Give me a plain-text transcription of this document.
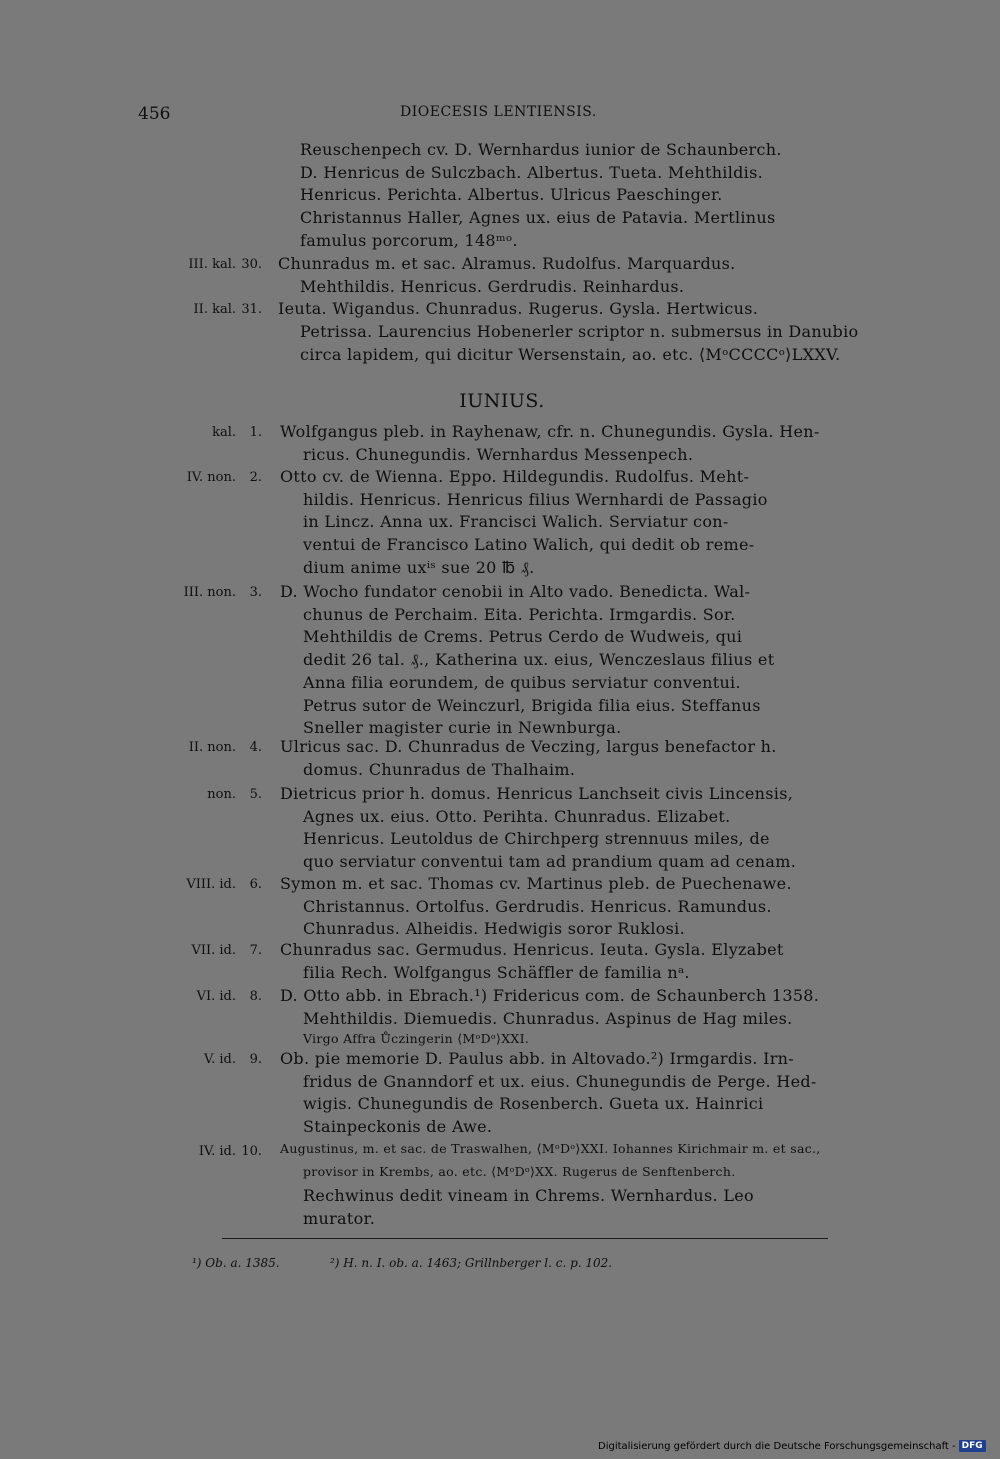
456	DIOECESIS LENTIENSIS.
Reuschenpech cv. D. Wernhardus iunior de Schaunberch.
D. Henricus de Sulczbach. Albertus. Tueta. Mehthildis.
Henricus. Perichta. Albertus. Ulricus Paeschinger.
Christannus Haller, Agnes ux. eius de Patavia. Mertlinus
famulus porcorum, 148ᵐᵒ.
III. kal. 30. Chunradus m. et sac. Alramus. Rudolfus. Marquardus.
Mehthildis. Henricus. Gerdrudis. Reinhardus.
II. kal. 31. Ieuta. Wigandus. Chunradus. Rugerus. Gysla. Hertwicus.
Petrissa. Laurencius Hobenerler scriptor n. submersus in Danubio
circa lapidem, qui dicitur Wersenstain, ao. etc. ⟨MᵒCCCCᵒ⟩LXXV.
kal.	1. Wolfgangus pleb. in Rayhenaw, cfr. n. Chunegundis. Gysla. Hen-
ricus. Chunegundis. Wernhardus Messenpech.
IV. non.	2. Otto cv. de Wienna. Eppo. Hildegundis. Rudolfus. Meht-
hildis. Henricus. Henricus filius Wernhardi de Passagio
in Lincz. Anna ux. Francisci Walich. Serviatur con-
ventui de Francisco Latino Walich, qui dedit ob reme-
dium anime uxⁱˢ sue 20 ℔ ₰.
III. non.	3. D. Wocho fundator cenobii in Alto vado. Benedicta. Wal-
chunus de Perchaim. Eita. Perichta. Irmgardis. Sor.
Mehthildis de Crems. Petrus Cerdo de Wudweis, qui
dedit 26 tal. ₰., Katherina ux. eius, Wenczeslaus filius et
Anna filia eorundem, de quibus serviatur conventui.
Petrus sutor de Weinczurl, Brigida filia eius. Steffanus
Sneller magister curie in Newnburga.
II. non.	4. Ulricus sac. D. Chunradus de Veczing, largus benefactor h.
domus. Chunradus de Thalhaim.
non.	5. Dietricus prior h. domus. Henricus Lanchseit civis Lincensis,
Agnes ux. eius. Otto. Perihta. Chunradus. Elizabet.
Henricus. Leutoldus de Chirchperg strennuus miles, de
quo serviatur conventui tam ad prandium quam ad cenam.
VIII. id.	6. Symon m. et sac. Thomas cv. Martinus pleb. de Puechenawe.
Christannus. Ortolfus. Gerdrudis. Henricus. Ramundus.
Chunradus. Alheidis. Hedwigis soror Ruklosi.
VII. id.	7. Chunradus sac. Germudus. Henricus. Ieuta. Gysla. Elyzabet
filia Rech. Wolfgangus Schäffler de familia nᵃ.
VI. id.	8. D. Otto abb. in Ebrach.¹) Fridericus com. de Schaunberch 1358.
Mehthildis. Diemuedis. Chunradus. Aspinus de Hag miles.
Virgo Affra Ůczingerin ⟨MᵒDᵒ⟩XXI.
V. id.	9. Ob. pie memorie D. Paulus abb. in Altovado.²) Irmgardis. Irn-
fridus de Gnanndorf et ux. eius. Chunegundis de Perge. Hed-
wigis. Chunegundis de Rosenberch. Gueta ux. Hainrici
Stainpeckonis de Awe.
IV. id. 10. Augustinus, m. et sac. de Traswalhen, ⟨MᵒDᵒ⟩XXI. Iohannes Kirichmair m. et sac.,
provisor in Krembs, ao. etc. ⟨MᵒDᵒ⟩XX. Rugerus de Senftenberch.
Rechwinus dedit vineam in Chrems. Wernhardus. Leo
murator.
IUNIUS.
¹) Ob. a. 1385.	²) H. n. I. ob. a. 1463; Grillnberger l. c. p. 102.
Digitalisierung gefördert durch die Deutsche Forschungsgemeinschaft - DFG
